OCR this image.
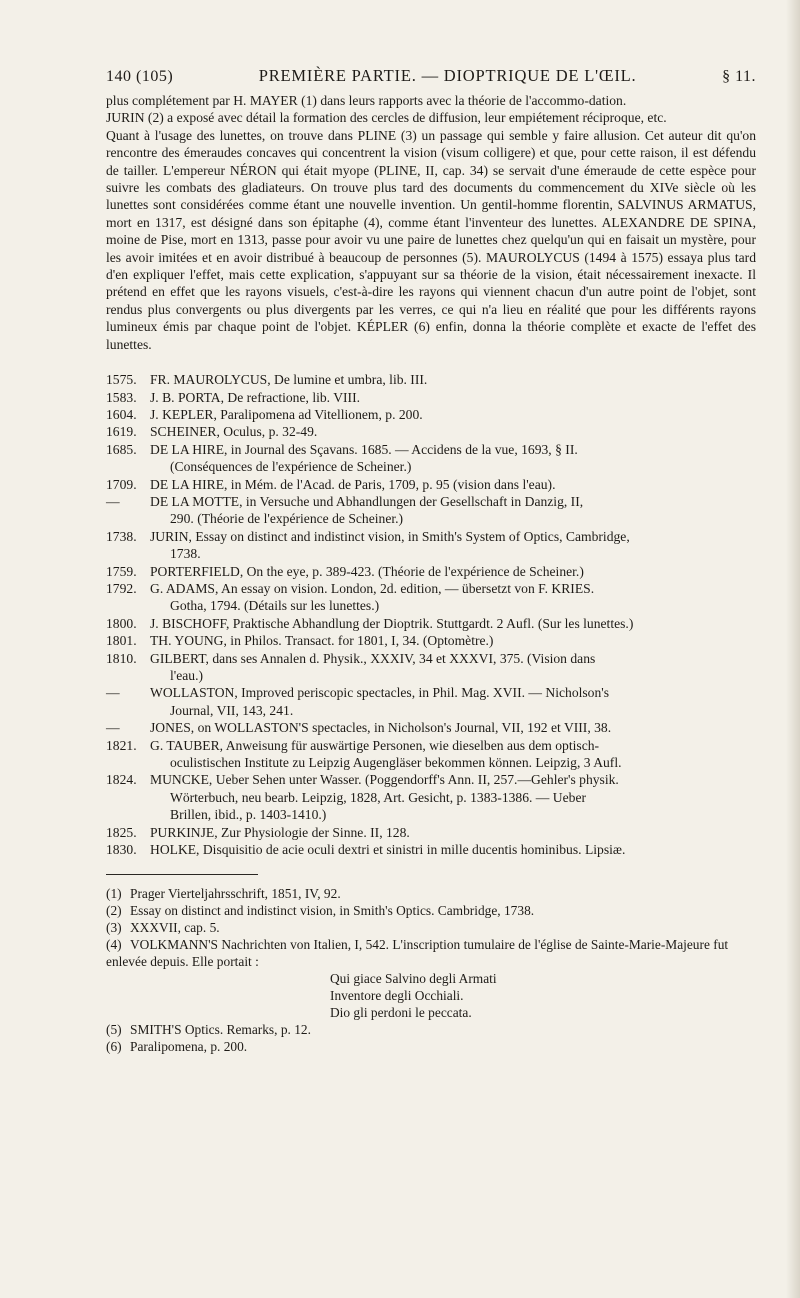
140 (105)	PREMIÈRE PARTIE. — DIOPTRIQUE DE L'ŒIL.	§ 11.

plus complétement par H. MAYER (1) dans leurs rapports avec la théorie de l'accommo-dation.

JURIN (2) a exposé avec détail la formation des cercles de diffusion, leur empiétement réciproque, etc.

Quant à l'usage des lunettes, on trouve dans PLINE (3) un passage qui semble y faire allusion. Cet auteur dit qu'on rencontre des émeraudes concaves qui concentrent la vision (visum colligere) et que, pour cette raison, il est défendu de tailler. L'empereur NÉRON qui était myope (PLINE, II, cap. 34) se servait d'une émeraude de cette espèce pour suivre les combats des gladiateurs. On trouve plus tard des documents du commencement du XIVe siècle où les lunettes sont considérées comme étant une nouvelle invention. Un gentil-homme florentin, SALVINUS ARMATUS, mort en 1317, est désigné dans son épitaphe (4), comme étant l'inventeur des lunettes. ALEXANDRE DE SPINA, moine de Pise, mort en 1313, passe pour avoir vu une paire de lunettes chez quelqu'un qui en faisait un mystère, pour les avoir imitées et en avoir distribué à beaucoup de personnes (5). MAUROLYCUS (1494 à 1575) essaya plus tard d'en expliquer l'effet, mais cette explication, s'appuyant sur sa théorie de la vision, était nécessairement inexacte. Il prétend en effet que les rayons visuels, c'est-à-dire les rayons qui viennent chacun d'un autre point de l'objet, sont rendus plus convergents ou plus divergents par les verres, ce qui n'a lieu en réalité que pour les différents rayons lumineux émis par chaque point de l'objet. KÉPLER (6) enfin, donna la théorie complète et exacte de l'effet des lunettes.

1575. FR. MAUROLYCUS, De lumine et umbra, lib. III.
1583. J. B. PORTA, De refractione, lib. VIII.
1604. J. KEPLER, Paralipomena ad Vitellionem, p. 200.
1619. SCHEINER, Oculus, p. 32-49.
1685. DE LA HIRE, in Journal des Sçavans. 1685. — Accidens de la vue, 1693, § II.
(Conséquences de l'expérience de Scheiner.)
1709. DE LA HIRE, in Mém. de l'Acad. de Paris, 1709, p. 95 (vision dans l'eau).
—	DE LA MOTTE, in Versuche und Abhandlungen der Gesellschaft in Danzig, II,
290. (Théorie de l'expérience de Scheiner.)
1738. JURIN, Essay on distinct and indistinct vision, in Smith's System of Optics, Cambridge,
1738.
1759. PORTERFIELD, On the eye, p. 389-423. (Théorie de l'expérience de Scheiner.)
1792. G. ADAMS, An essay on vision. London, 2d. edition, — übersetzt von F. KRIES.
Gotha, 1794. (Détails sur les lunettes.)
1800. J. BISCHOFF, Praktische Abhandlung der Dioptrik. Stuttgardt. 2 Aufl. (Sur les lunettes.)
1801. TH. YOUNG, in Philos. Transact. for 1801, I, 34. (Optomètre.)
1810. GILBERT, dans ses Annalen d. Physik., XXXIV, 34 et XXXVI, 375. (Vision dans
l'eau.)
—	WOLLASTON, Improved periscopic spectacles, in Phil. Mag. XVII. — Nicholson's
Journal, VII, 143, 241.
—	JONES, on WOLLASTON'S spectacles, in Nicholson's Journal, VII, 192 et VIII, 38.
1821. G. TAUBER, Anweisung für auswärtige Personen, wie dieselben aus dem optisch-
oculistischen Institute zu Leipzig Augengläser bekommen können. Leipzig, 3 Aufl.
1824. MUNCKE, Ueber Sehen unter Wasser. (Poggendorff's Ann. II, 257.—Gehler's physik.
Wörterbuch, neu bearb. Leipzig, 1828, Art. Gesicht, p. 1383-1386. — Ueber
Brillen, ibid., p. 1403-1410.)
1825. PURKINJE, Zur Physiologie der Sinne. II, 128.
1830. HOLKE, Disquisitio de acie oculi dextri et sinistri in mille ducentis hominibus. Lipsiæ.
(1) Prager Vierteljahrsschrift, 1851, IV, 92.
(2) Essay on distinct and indistinct vision, in Smith's Optics. Cambridge, 1738.
(3) XXXVII, cap. 5.
(4) VOLKMANN'S Nachrichten von Italien, I, 542. L'inscription tumulaire de l'église de Sainte-Marie-Majeure fut enlevée depuis. Elle portait :
Qui giace Salvino degli Armati
Inventore degli Occhiali.
Dio gli perdoni le peccata.
(5) SMITH'S Optics. Remarks, p. 12.
(6) Paralipomena, p. 200.
